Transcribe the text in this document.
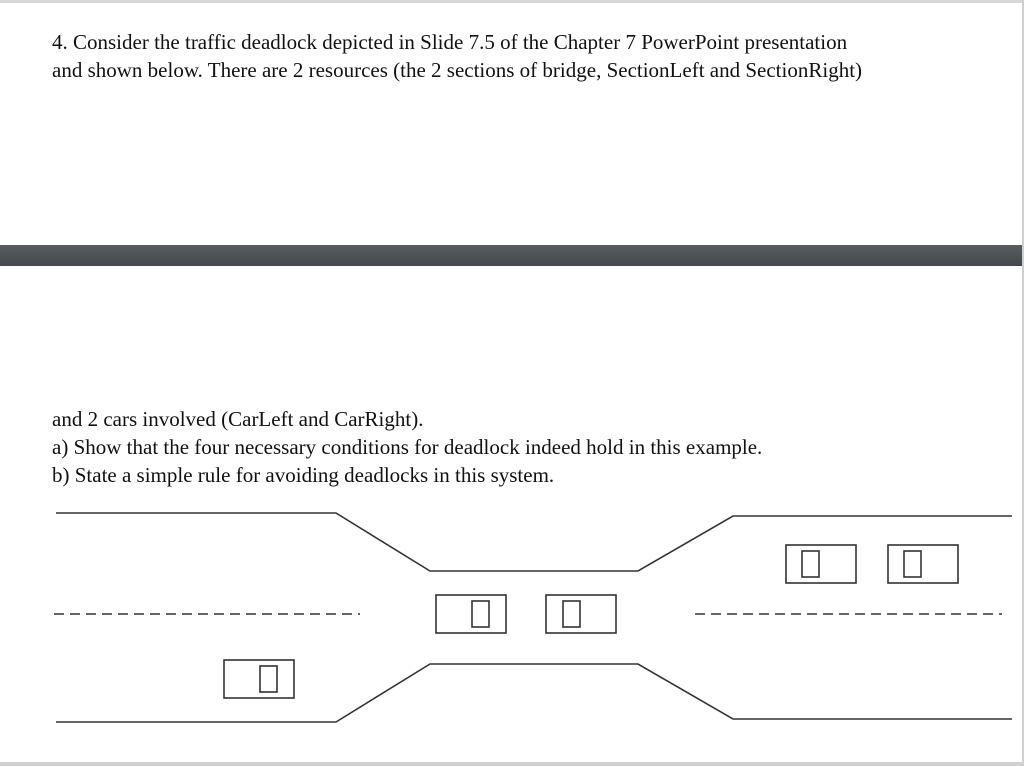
4. Consider the traffic deadlock depicted in Slide 7.5 of the Chapter 7 PowerPoint presentation

and shown below. There are 2 resources (the 2 sections of bridge, SectionLeft and SectionRight)

and 2 cars involved (CarLeft and CarRight).

a) Show that the four necessary conditions for deadlock indeed hold in this example.

b) State a simple rule for avoiding deadlocks in this system.
